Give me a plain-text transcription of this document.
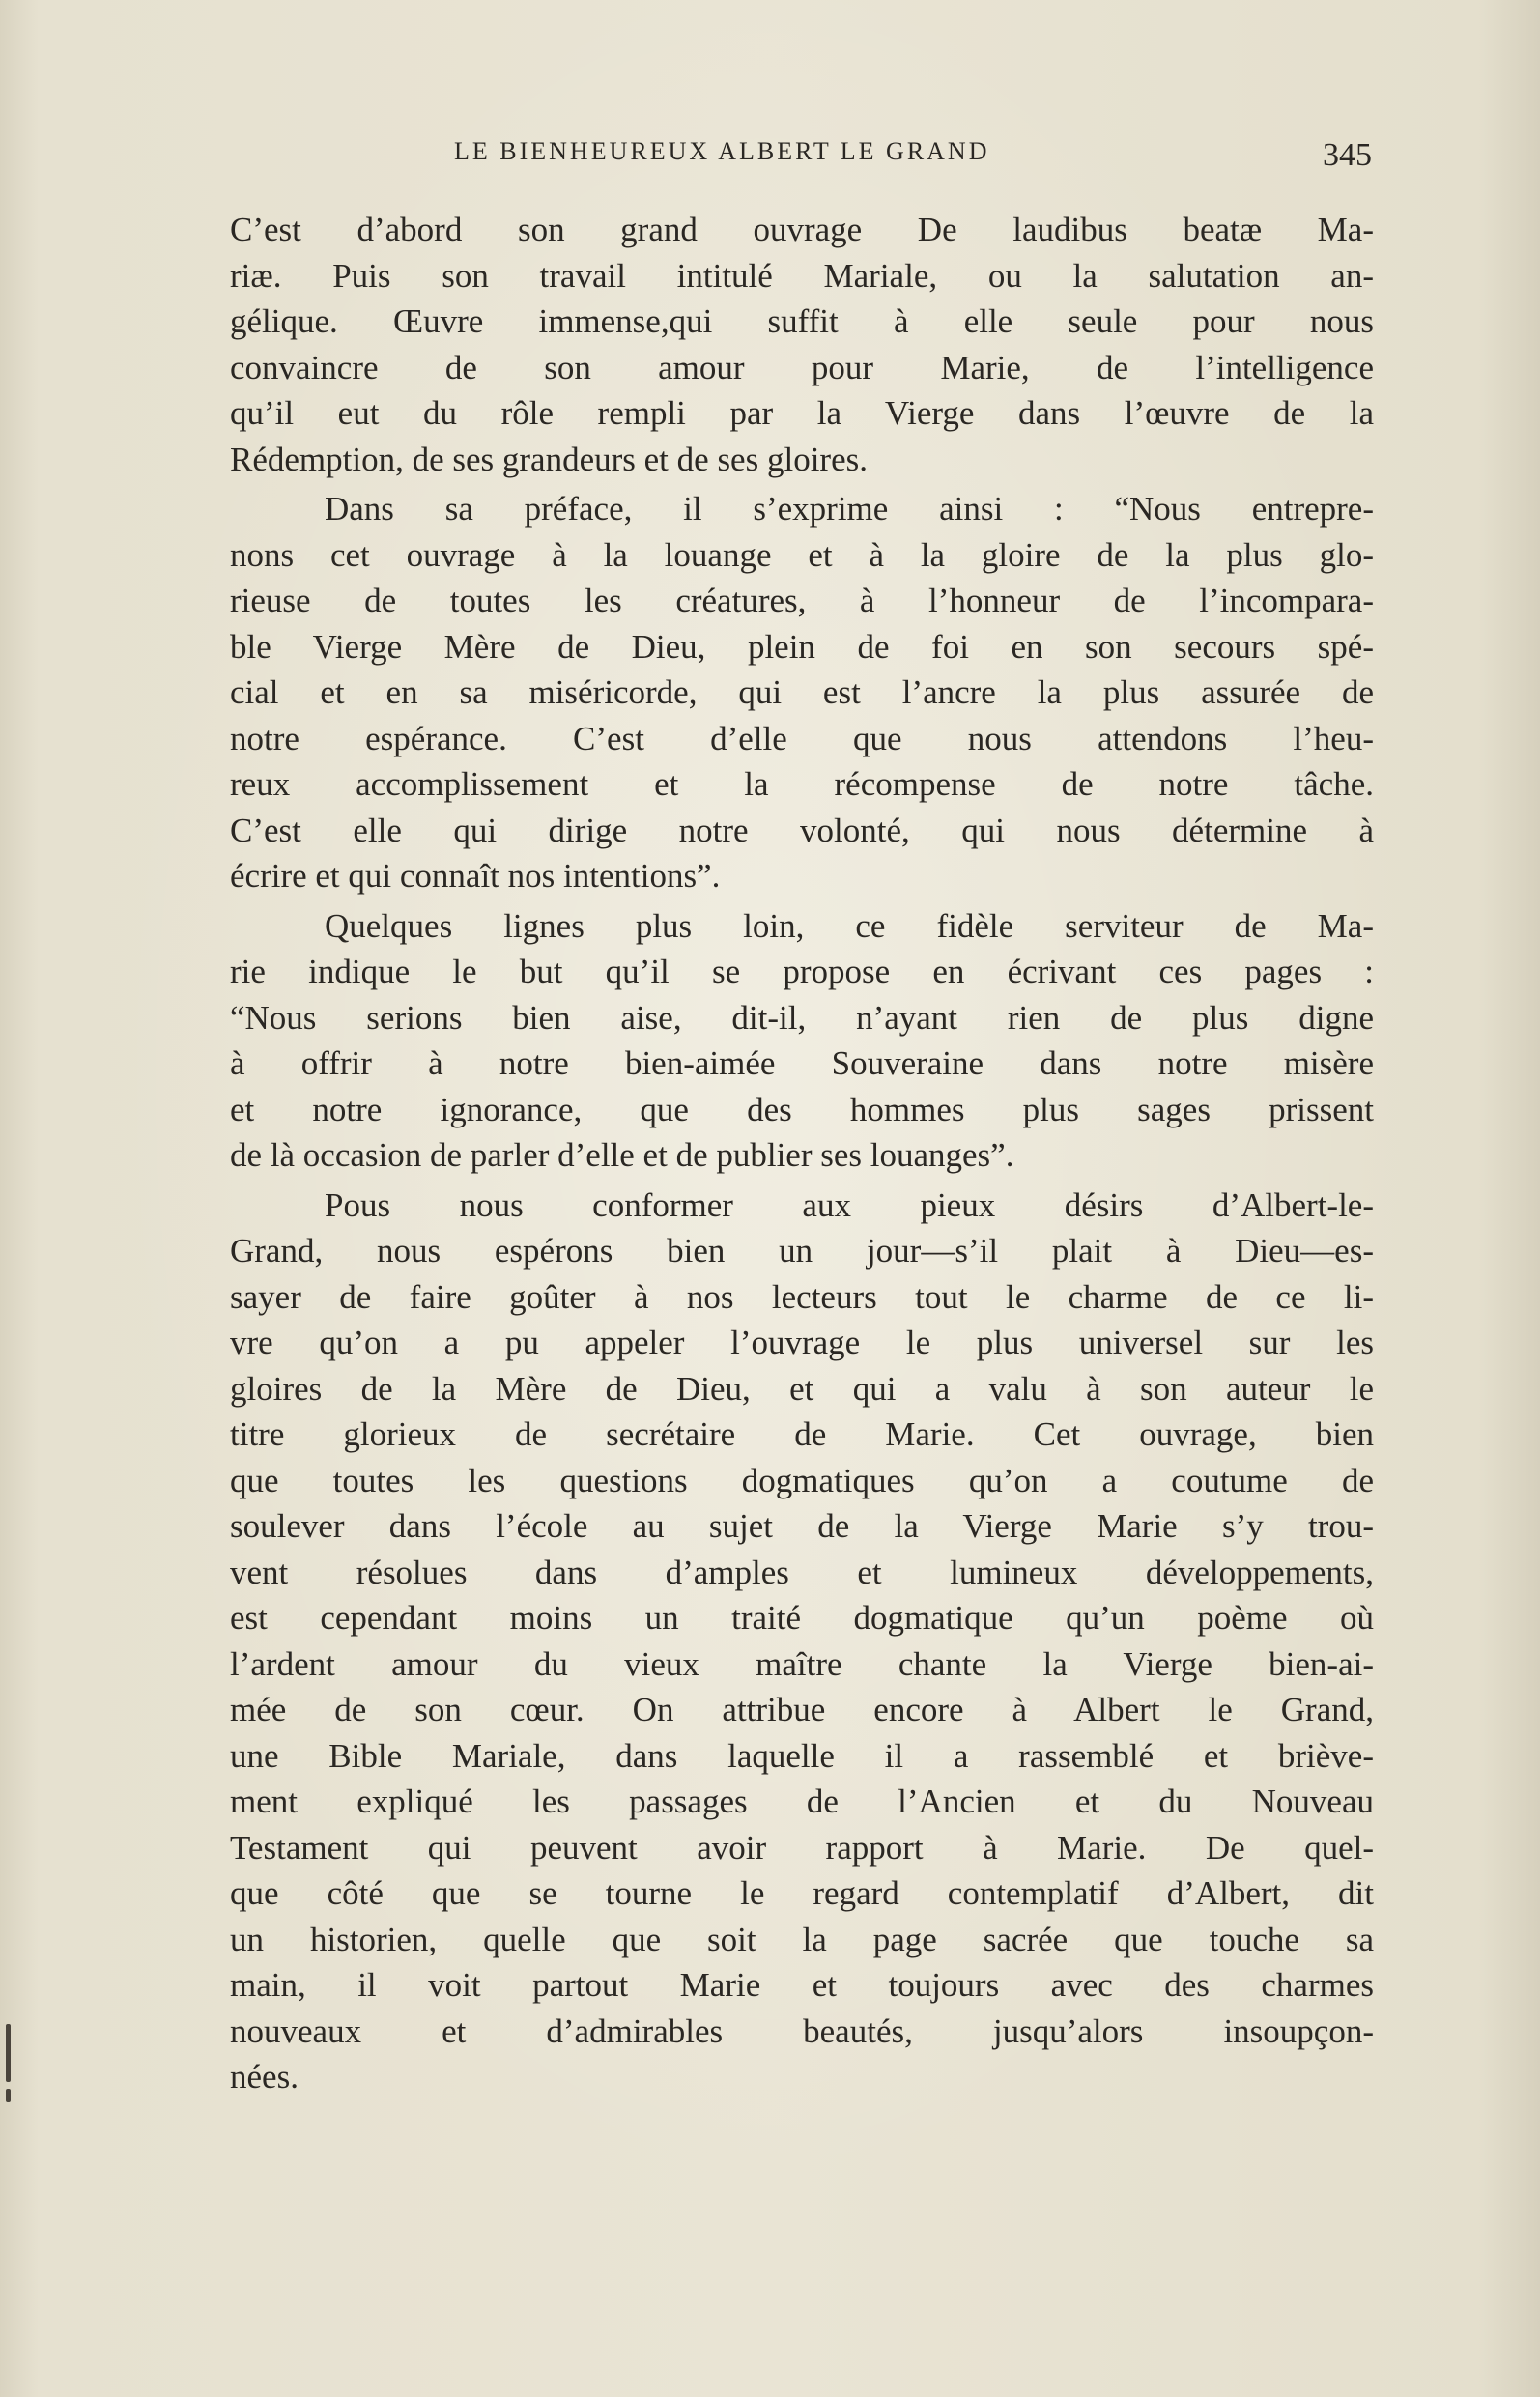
LE BIENHEUREUX ALBERT LE GRAND	345
C’est d’abord son grand ouvrage De laudibus beatæ Ma-
riæ. Puis son travail intitulé Mariale, ou la salutation an-
gélique. Œuvre immense,qui suffit à elle seule pour nous
convaincre de son amour pour Marie, de l’intelligence
qu’il eut du rôle rempli par la Vierge dans l’œuvre de la
Rédemption, de ses grandeurs et de ses gloires.
Dans sa préface, il s’exprime ainsi : “Nous entrepre-
nons cet ouvrage à la louange et à la gloire de la plus glo-
rieuse de toutes les créatures, à l’honneur de l’incompara-
ble Vierge Mère de Dieu, plein de foi en son secours spé-
cial et en sa miséricorde, qui est l’ancre la plus assurée de
notre espérance. C’est d’elle que nous attendons l’heu-
reux accomplissement et la récompense de notre tâche.
C’est elle qui dirige notre volonté, qui nous détermine à
écrire et qui connaît nos intentions”.
Quelques lignes plus loin, ce fidèle serviteur de Ma-
rie indique le but qu’il se propose en écrivant ces pages :
“Nous serions bien aise, dit-il, n’ayant rien de plus digne
à offrir à notre bien-aimée Souveraine dans notre misère
et notre ignorance, que des hommes plus sages prissent
de là occasion de parler d’elle et de publier ses louanges”.
Pous nous conformer aux pieux désirs d’Albert-le-
Grand, nous espérons bien un jour—s’il plait à Dieu—es-
sayer de faire goûter à nos lecteurs tout le charme de ce li-
vre qu’on a pu appeler l’ouvrage le plus universel sur les
gloires de la Mère de Dieu, et qui a valu à son auteur le
titre glorieux de secrétaire de Marie. Cet ouvrage, bien
que toutes les questions dogmatiques qu’on a coutume de
soulever dans l’école au sujet de la Vierge Marie s’y trou-
vent résolues dans d’amples et lumineux développements,
est cependant moins un traité dogmatique qu’un poème où
l’ardent amour du vieux maître chante la Vierge bien-ai-
mée de son cœur. On attribue encore à Albert le Grand,
une Bible Mariale, dans laquelle il a rassemblé et briève-
ment expliqué les passages de l’Ancien et du Nouveau
Testament qui peuvent avoir rapport à Marie. De quel-
que côté que se tourne le regard contemplatif d’Albert, dit
un historien, quelle que soit la page sacrée que touche sa
main, il voit partout Marie et toujours avec des charmes
nouveaux et d’admirables beautés, jusqu’alors insoupçon-
nées.
